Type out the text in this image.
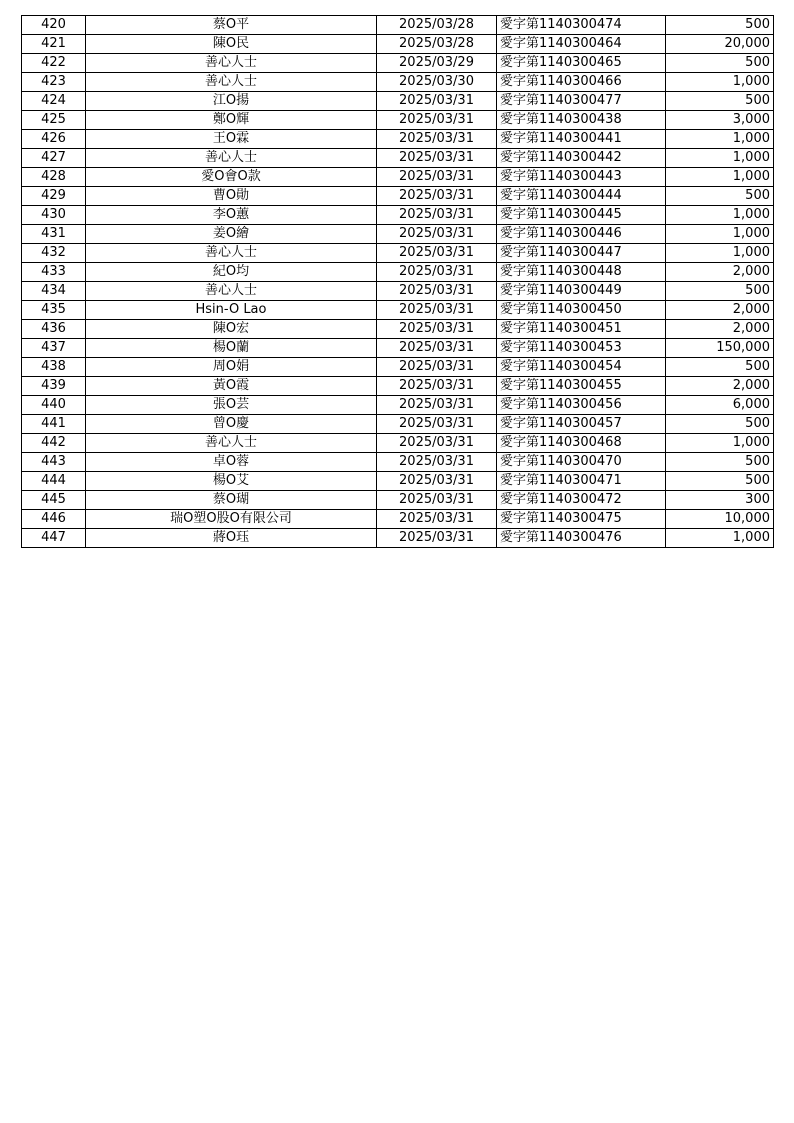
420	蔡O平	2025/03/28	愛字第1140300474	500
421	陳O民	2025/03/28	愛字第1140300464	20,000
422	善心人士	2025/03/29	愛字第1140300465	500
423	善心人士	2025/03/30	愛字第1140300466	1,000
424	江O揚	2025/03/31	愛字第1140300477	500
425	鄭O輝	2025/03/31	愛字第1140300438	3,000
426	王O霖	2025/03/31	愛字第1140300441	1,000
427	善心人士	2025/03/31	愛字第1140300442	1,000
428	愛O會O款	2025/03/31	愛字第1140300443	1,000
429	曹O勛	2025/03/31	愛字第1140300444	500
430	李O蕙	2025/03/31	愛字第1140300445	1,000
431	姜O繪	2025/03/31	愛字第1140300446	1,000
432	善心人士	2025/03/31	愛字第1140300447	1,000
433	紀O均	2025/03/31	愛字第1140300448	2,000
434	善心人士	2025/03/31	愛字第1140300449	500
435	Hsin-O Lao	2025/03/31	愛字第1140300450	2,000
436	陳O宏	2025/03/31	愛字第1140300451	2,000
437	楊O蘭	2025/03/31	愛字第1140300453	150,000
438	周O娟	2025/03/31	愛字第1140300454	500
439	黃O霞	2025/03/31	愛字第1140300455	2,000
440	張O芸	2025/03/31	愛字第1140300456	6,000
441	曾O慶	2025/03/31	愛字第1140300457	500
442	善心人士	2025/03/31	愛字第1140300468	1,000
443	卓O蓉	2025/03/31	愛字第1140300470	500
444	楊O艾	2025/03/31	愛字第1140300471	500
445	蔡O瑚	2025/03/31	愛字第1140300472	300
446	瑞O塑O股O有限公司	2025/03/31	愛字第1140300475	10,000
447	蔣O珏	2025/03/31	愛字第1140300476	1,000
